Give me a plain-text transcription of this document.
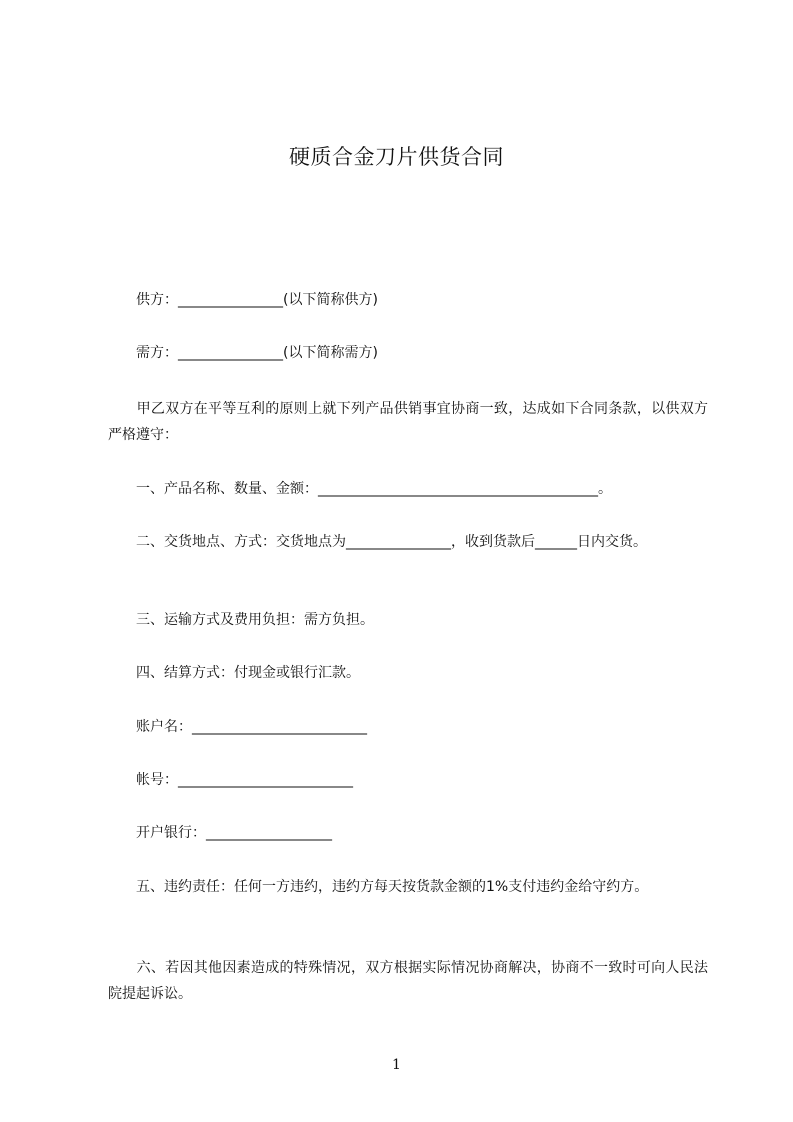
硬质合金刀片供货合同
　　供方：_______________(以下简称供方)
　　需方：_______________(以下简称需方)
　　甲乙双方在平等互利的原则上就下列产品供销事宜协商一致，达成如下合同条款，以供双方严格遵守：
　　一、产品名称、数量、金额：________________________________________。
　　二、交货地点、方式：交货地点为_______________，收到货款后______日内交货。
　　三、运输方式及费用负担：需方负担。
　　四、结算方式：付现金或银行汇款。
　　账户名：_________________________
　　帐号：_________________________
　　开户银行：__________________
　　五、违约责任：任何一方违约，违约方每天按货款金额的1%支付违约金给守约方。
　　六、若因其他因素造成的特殊情况，双方根据实际情况协商解决，协商不一致时可向人民法院提起诉讼。
1
